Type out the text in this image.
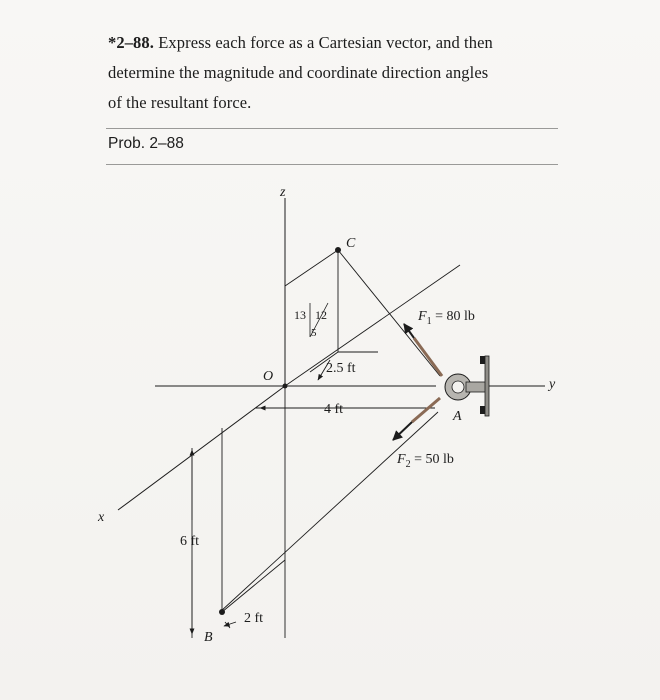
*2–88. Express each force as a Cartesian vector, and then
determine the magnitude and coordinate direction angles
of the resultant force.
Prob. 2–88
z
x
y
O
C
A
B
13 12
5
$F_1 = 80$ lb
$F_2 = 50$ lb
2.5 ft
4 ft
6 ft
2 ft
